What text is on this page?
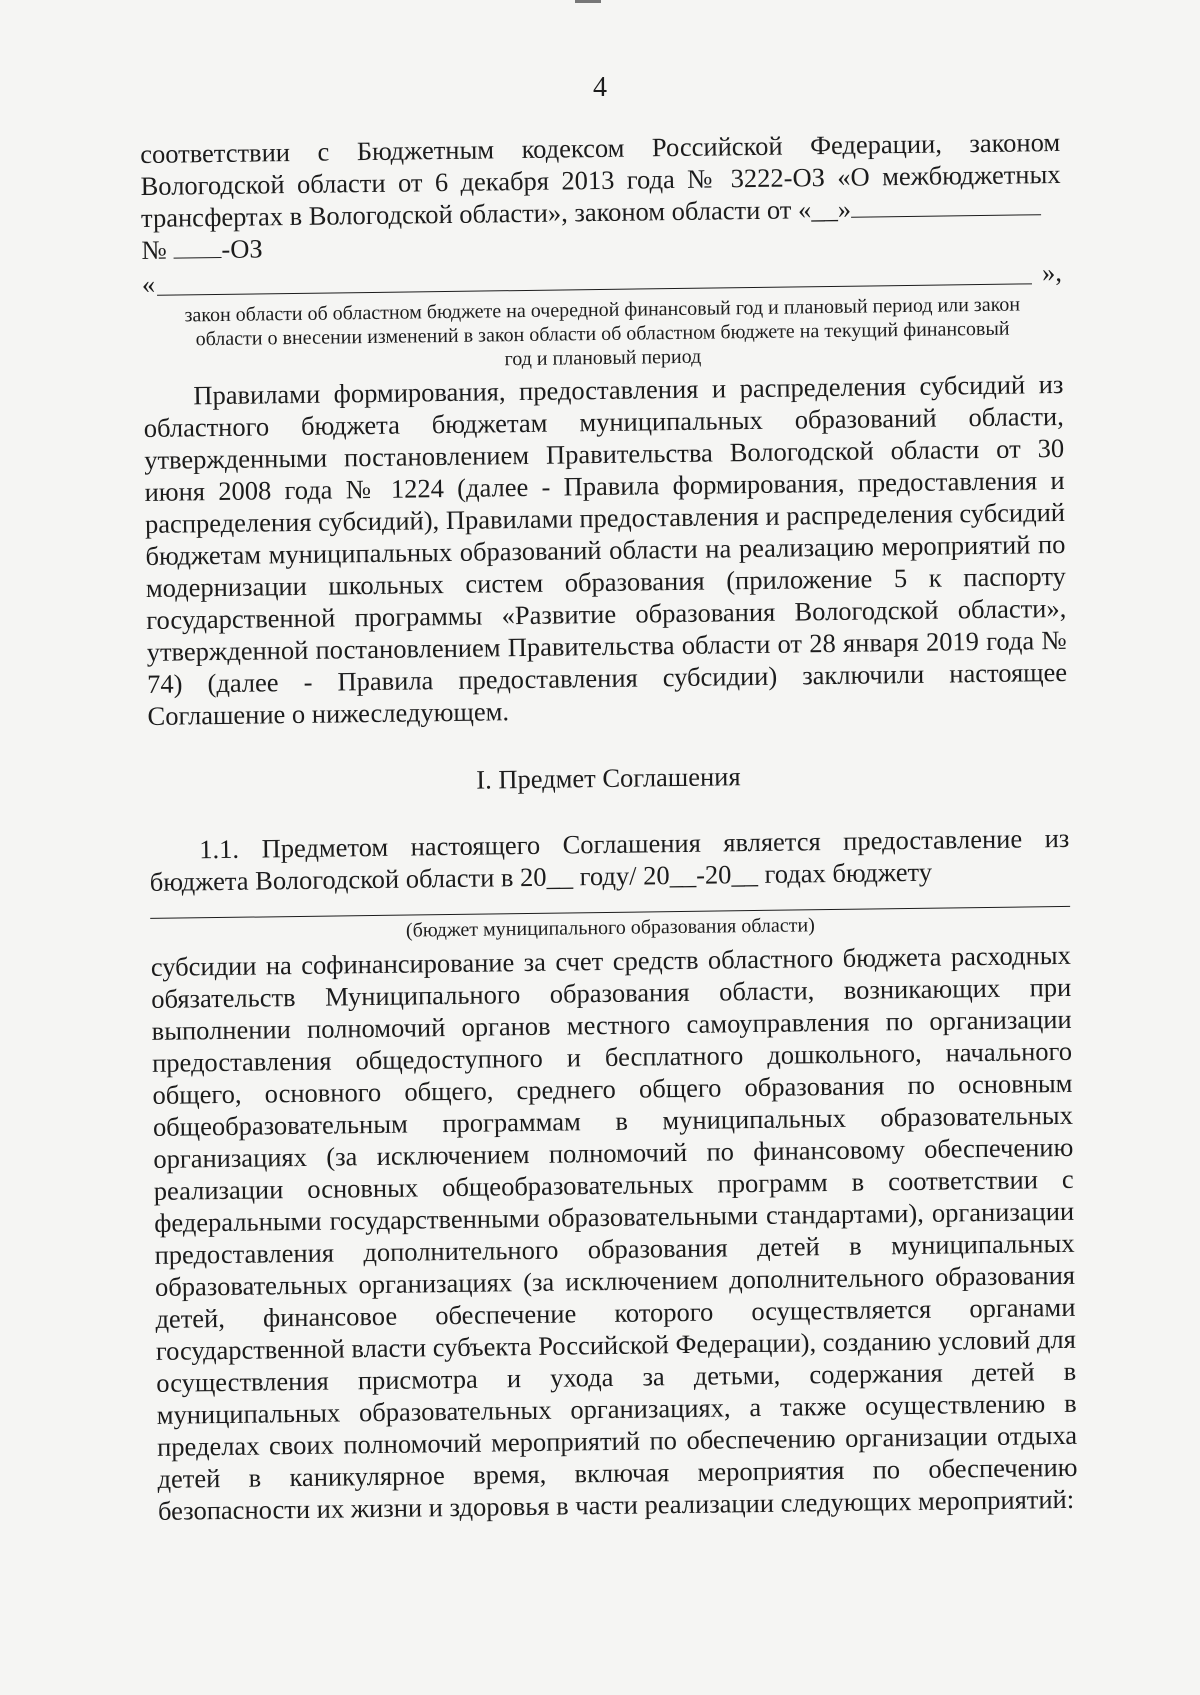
4

соответствии с Бюджетным кодексом Российской Федерации, законом Вологодской области от 6 декабря 2013 года № 3222-ОЗ «О межбюджетных трансфертах в Вологодской области», законом области от «__»
№ -ОЗ

«	»,
закон области об областном бюджете на очередной финансовый год и плановый период или закон области о внесении изменений в закон области об областном бюджете на текущий финансовый год и плановый период

Правилами формирования, предоставления и распределения субсидий из областного бюджета бюджетам муниципальных образований области, утвержденными постановлением Правительства Вологодской области от 30 июня 2008 года № 1224 (далее - Правила формирования, предоставления и распределения субсидий), Правилами предоставления и распределения субсидий бюджетам муниципальных образований области на реализацию мероприятий по модернизации школьных систем образования (приложение 5 к паспорту государственной программы «Развитие образования Вологодской области», утвержденной постановлением Правительства области от 28 января 2019 года № 74) (далее - Правила предоставления субсидии) заключили настоящее Соглашение о нижеследующем.

I. Предмет Соглашения

1.1. Предметом настоящего Соглашения является предоставление из бюджета Вологодской области в 20__ году/ 20__-20__ годах бюджету

(бюджет муниципального образования области)

субсидии на софинансирование за счет средств областного бюджета расходных обязательств Муниципального образования области, возникающих при выполнении полномочий органов местного самоуправления по организации предоставления общедоступного и бесплатного дошкольного, начального общего, основного общего, среднего общего образования по основным общеобразовательным программам в муниципальных образовательных организациях (за исключением полномочий по финансовому обеспечению реализации основных общеобразовательных программ в соответствии с федеральными государственными образовательными стандартами), организации предоставления дополнительного образования детей в муниципальных образовательных организациях (за исключением дополнительного образования детей, финансовое обеспечение которого осуществляется органами государственной власти субъекта Российской Федерации), созданию условий для осуществления присмотра и ухода за детьми, содержания детей в муниципальных образовательных организациях, а также осуществлению в пределах своих полномочий мероприятий по обеспечению организации отдыха детей в каникулярное время, включая мероприятия по обеспечению безопасности их жизни и здоровья в части реализации следующих мероприятий:
